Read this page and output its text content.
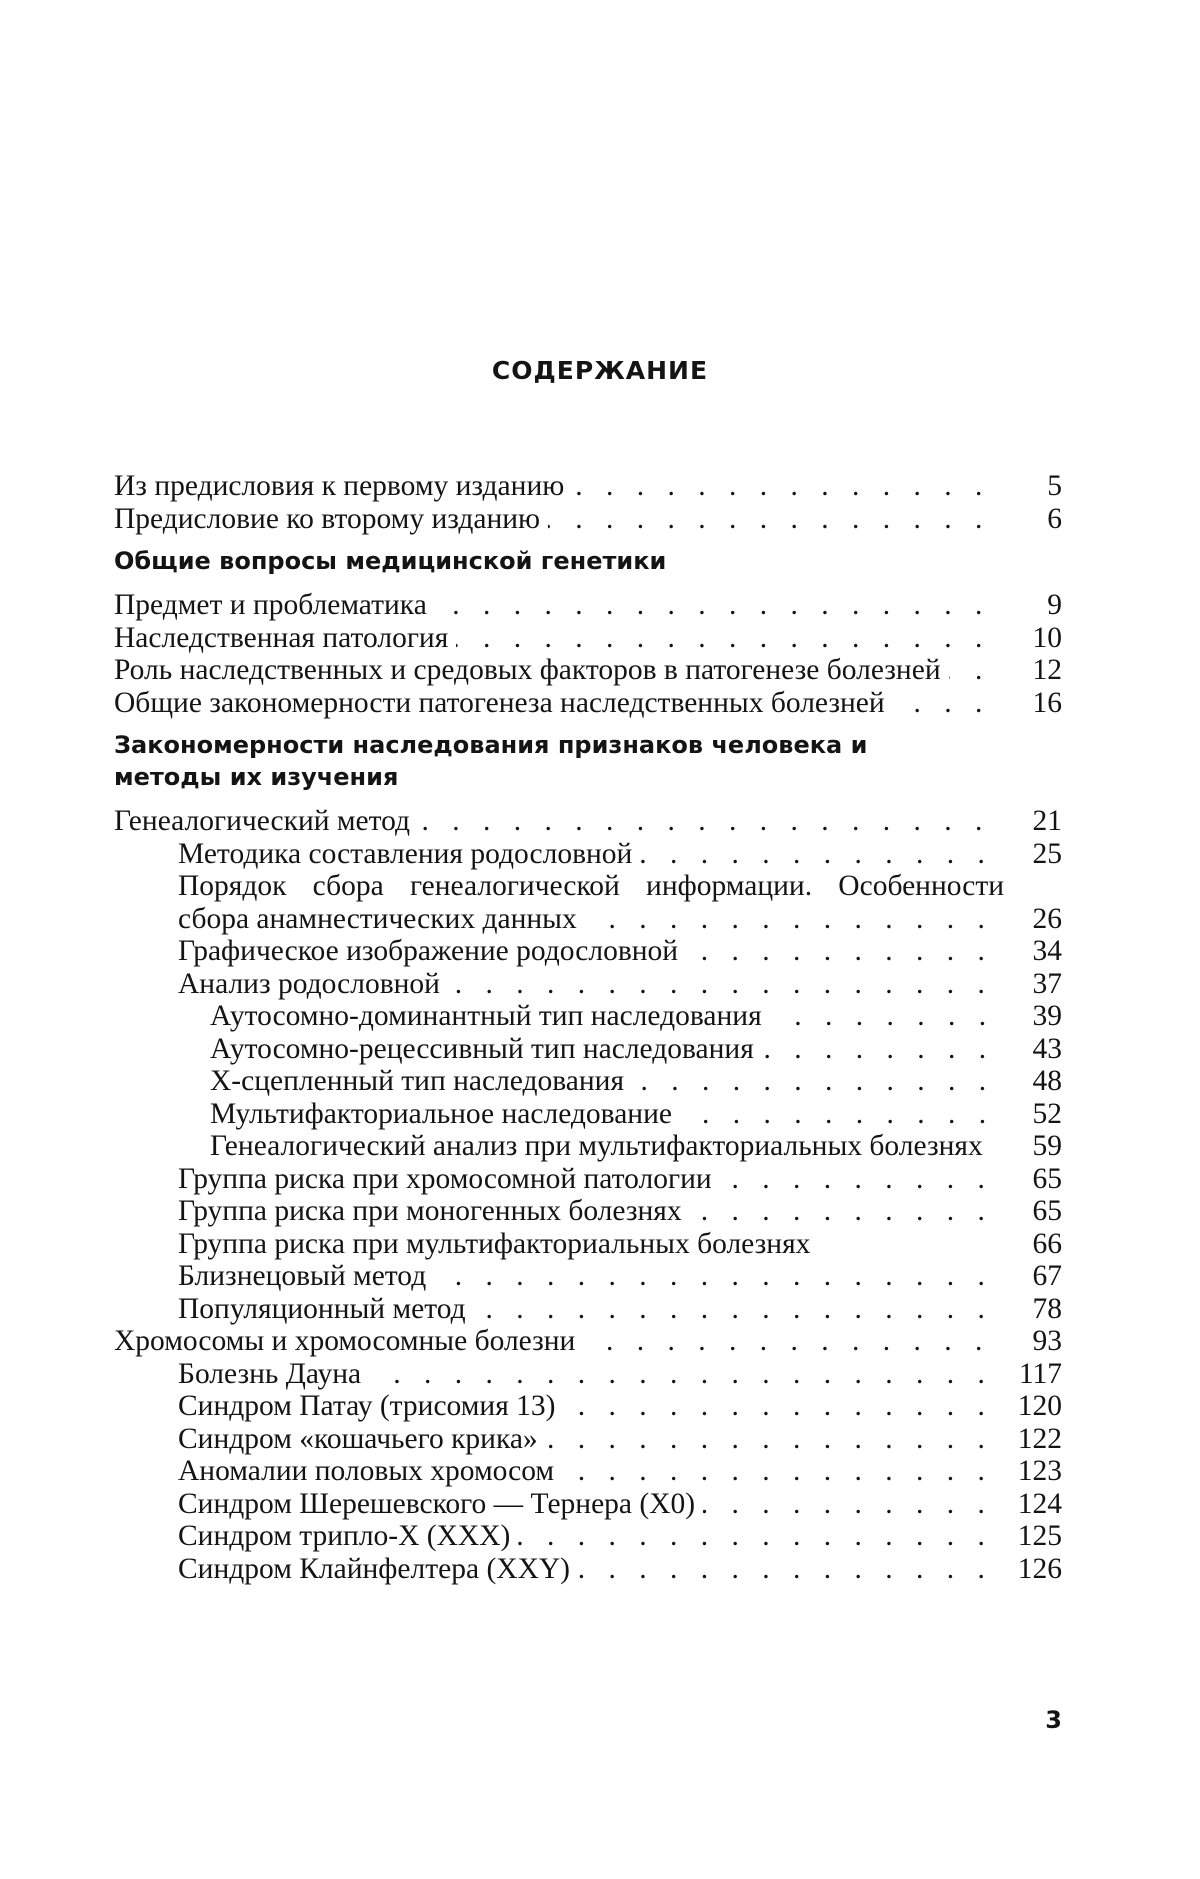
СОДЕРЖАНИЕ
Из предисловия к первому изданию . . .	5
Предисловие ко второму изданию . . .	6
Общие вопросы медицинской генетики
Предмет и проблематика . . .	9
Наследственная патология . . .	10
Роль наследственных и средовых факторов в патогенезе болезней . . .	12
Общие закономерности патогенеза наследственных болезней . . .	16
Закономерности наследования признаков человека и методы их изучения
Генеалогический метод . . .	21
Методика составления родословной . . .	25
Порядок сбора генеалогической информации. Особенности сбора анамнестических данных . . .	26
Графическое изображение родословной . . .	34
Анализ родословной . . .	37
Аутосомно-доминантный тип наследования . . .	39
Аутосомно-рецессивный тип наследования . . .	43
X-сцепленный тип наследования . . .	48
Мультифакториальное наследование . . .	52
Генеалогический анализ при мультифакториальных болезнях . . .	59
Группа риска при хромосомной патологии . . .	65
Группа риска при моногенных болезнях . . .	65
Группа риска при мультифакториальных болезнях	66
Близнецовый метод . . .	67
Популяционный метод . . .	78
Хромосомы и хромосомные болезни . . .	93
Болезнь Дауна . . .	117
Синдром Патау (трисомия 13) . . .	120
Синдром «кошачьего крика» . . .	122
Аномалии половых хромосом . . .	123
Синдром Шерешевского — Тернера (X0) . . .	124
Синдром трипло-X (XXX) . . .	125
Синдром Клайнфелтера (XXY) . . .	126
3
